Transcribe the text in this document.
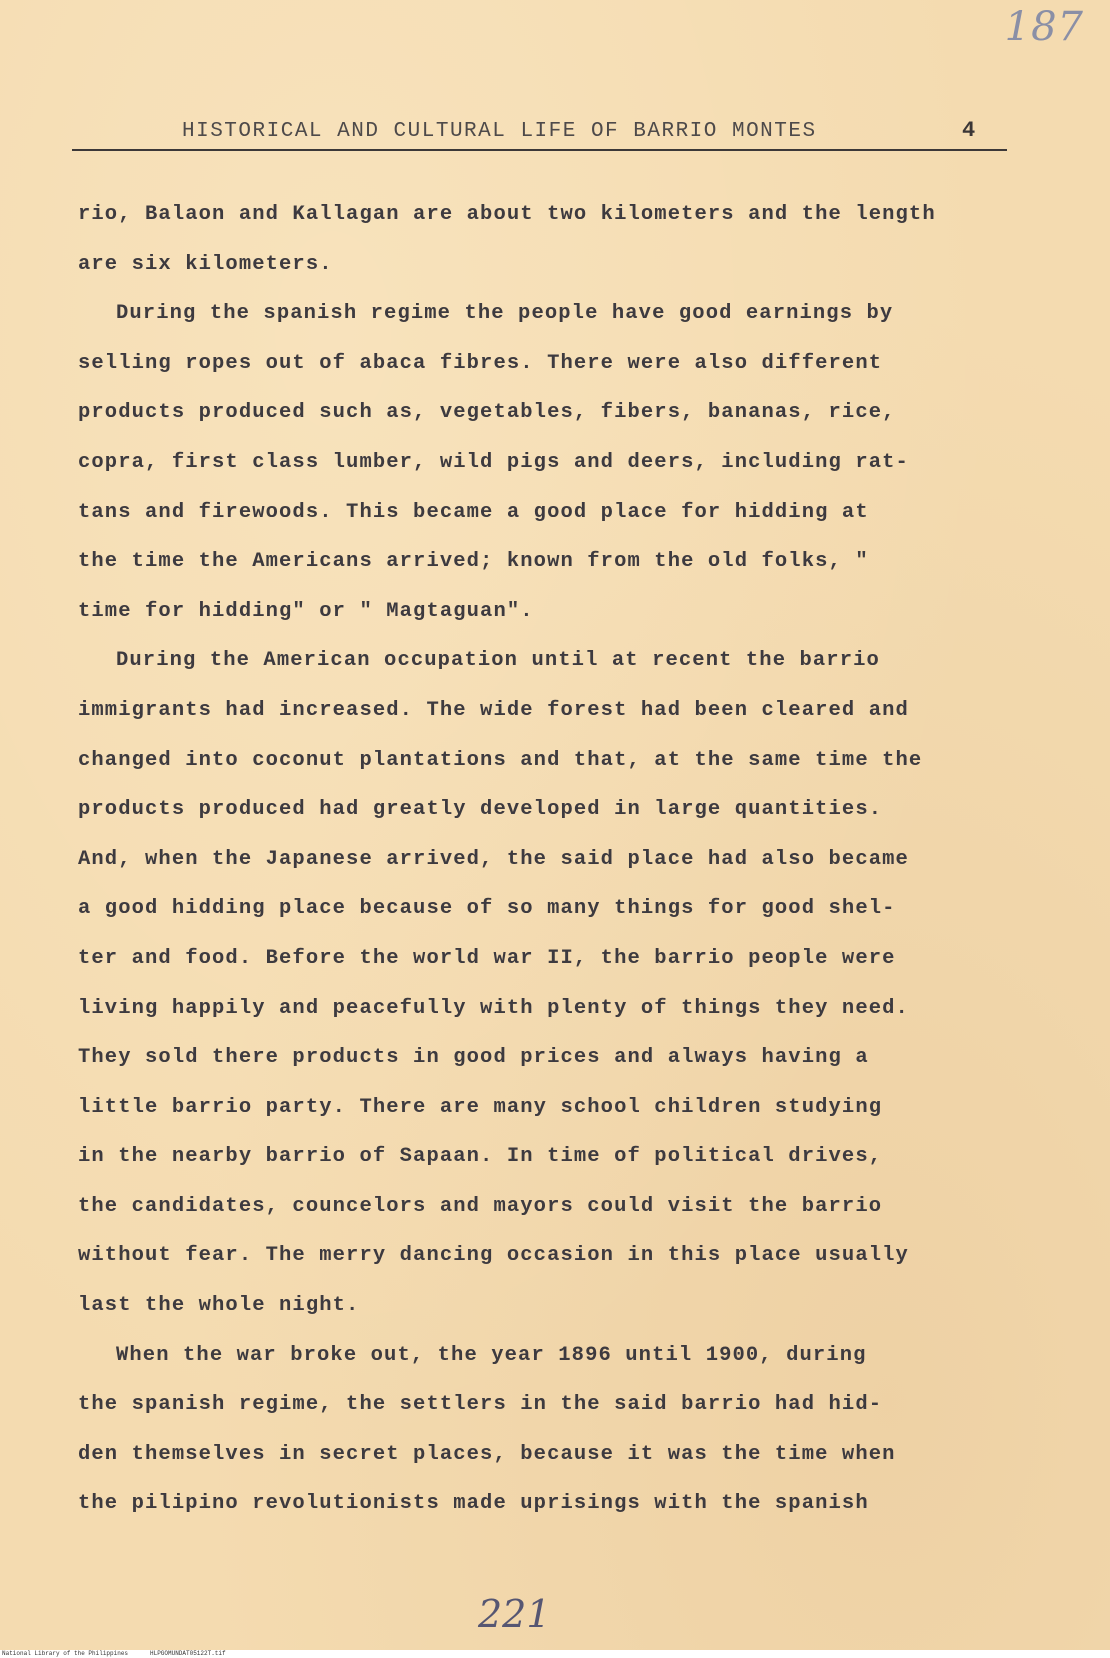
187
HISTORICAL AND CULTURAL LIFE OF BARRIO MONTES	4
rio, Balaon and Kallagan are about two kilometers and the length
are six kilometers.
During the spanish regime the people have good earnings by
selling ropes out of abaca fibres. There were also different
products produced such as, vegetables, fibers, bananas, rice,
copra, first class lumber, wild pigs and deers, including rat-
tans and firewoods. This became a good place for hidding at
the time the Americans arrived; known from the old folks, "
time for hidding" or " Magtaguan".
During the American occupation until at recent the barrio
immigrants had increased. The wide forest had been cleared and
changed into coconut plantations and that, at the same time the
products produced had greatly developed in large quantities.
And, when the Japanese arrived, the said place had also became
a good hidding place because of so many things for good shel-
ter and food. Before the world war II, the barrio people were
living happily and peacefully with plenty of things they need.
They sold there products in good prices and always having a
little barrio party. There are many school children studying
in the nearby barrio of Sapaan. In time of political drives,
the candidates, councelors and mayors could visit the barrio
without fear. The merry dancing occasion in this place usually
last the whole night.
When the war broke out, the year 1896 until 1900, during
the spanish regime, the settlers in the said barrio had hid-
den themselves in secret places, because it was the time when
the pilipino revolutionists made uprisings with the spanish
221
National Library of the Philippines	HLPGOMUNDAT05122T.tif
